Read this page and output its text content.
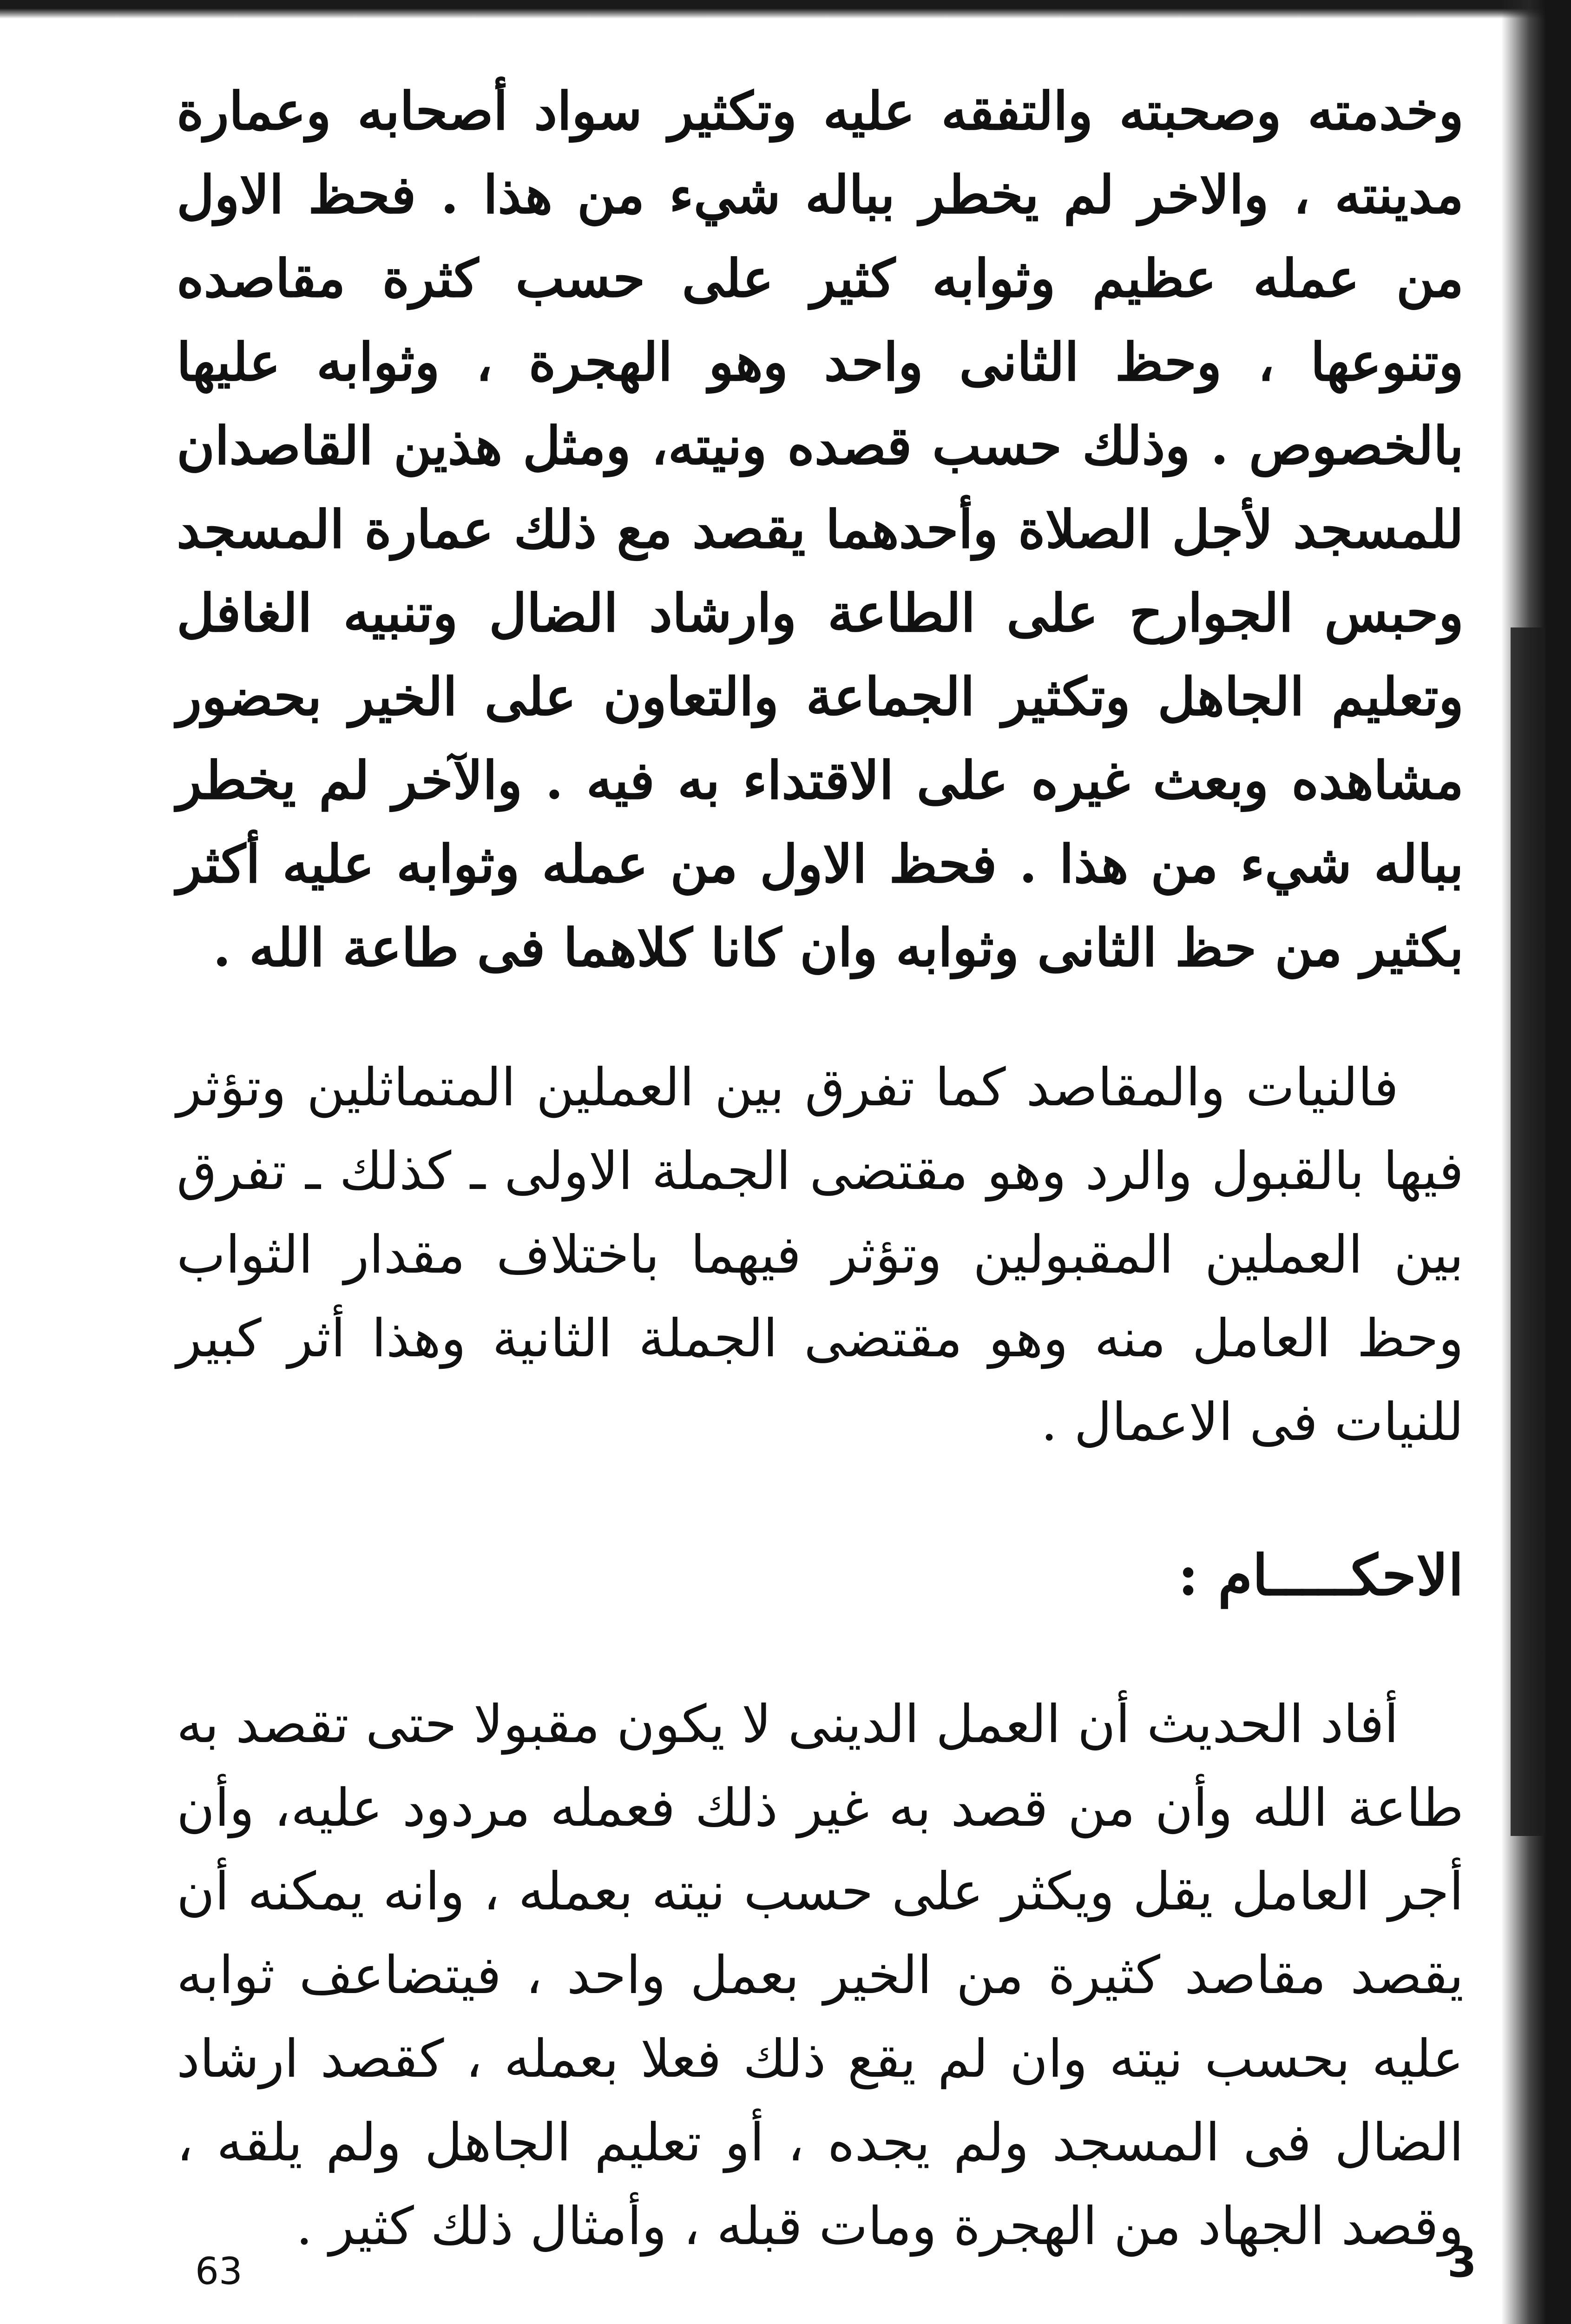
وخدمته وصحبته والتفقه عليه وتكثير سواد أصحابه وعمارة مدينته ، والاخر لم يخطر بباله شيء من هذا . فحظ الاول من عمله عظيم وثوابه كثير على حسب كثرة مقاصده وتنوعها ، وحظ الثانى واحد وهو الهجرة ، وثوابه عليها بالخصوص . وذلك حسب قصده ونيته، ومثل هذين القاصدان للمسجد لأجل الصلاة وأحدهما يقصد مع ذلك عمارة المسجد وحبس الجوارح على الطاعة وارشاد الضال وتنبيه الغافل وتعليم الجاهل وتكثير الجماعة والتعاون على الخير بحضور مشاهده وبعث غيره على الاقتداء به فيه . والآخر لم يخطر بباله شيء من هذا . فحظ الاول من عمله وثوابه عليه أكثر بكثير من حظ الثانى وثوابه وان كانا كلاهما فى طاعة الله .

فالنيات والمقاصد كما تفرق بين العملين المتماثلين وتؤثر فيها بالقبول والرد وهو مقتضى الجملة الاولى ـ كذلك ـ تفرق بين العملين المقبولين وتؤثر فيهما باختلاف مقدار الثواب وحظ العامل منه وهو مقتضى الجملة الثانية وهذا أثر كبير للنيات فى الاعمال .

الاحكـــــام :

أفاد الحديث أن العمل الدينى لا يكون مقبولا حتى تقصد به طاعة الله وأن من قصد به غير ذلك فعمله مردود عليه، وأن أجر العامل يقل ويكثر على حسب نيته بعمله ، وانه يمكنه أن يقصد مقاصد كثيرة من الخير بعمل واحد ، فيتضاعف ثوابه عليه بحسب نيته وان لم يقع ذلك فعلا بعمله ، كقصد ارشاد الضال فى المسجد ولم يجده ، أو تعليم الجاهل ولم يلقه ، وقصد الجهاد من الهجرة ومات قبله ، وأمثال ذلك كثير .

63	3
